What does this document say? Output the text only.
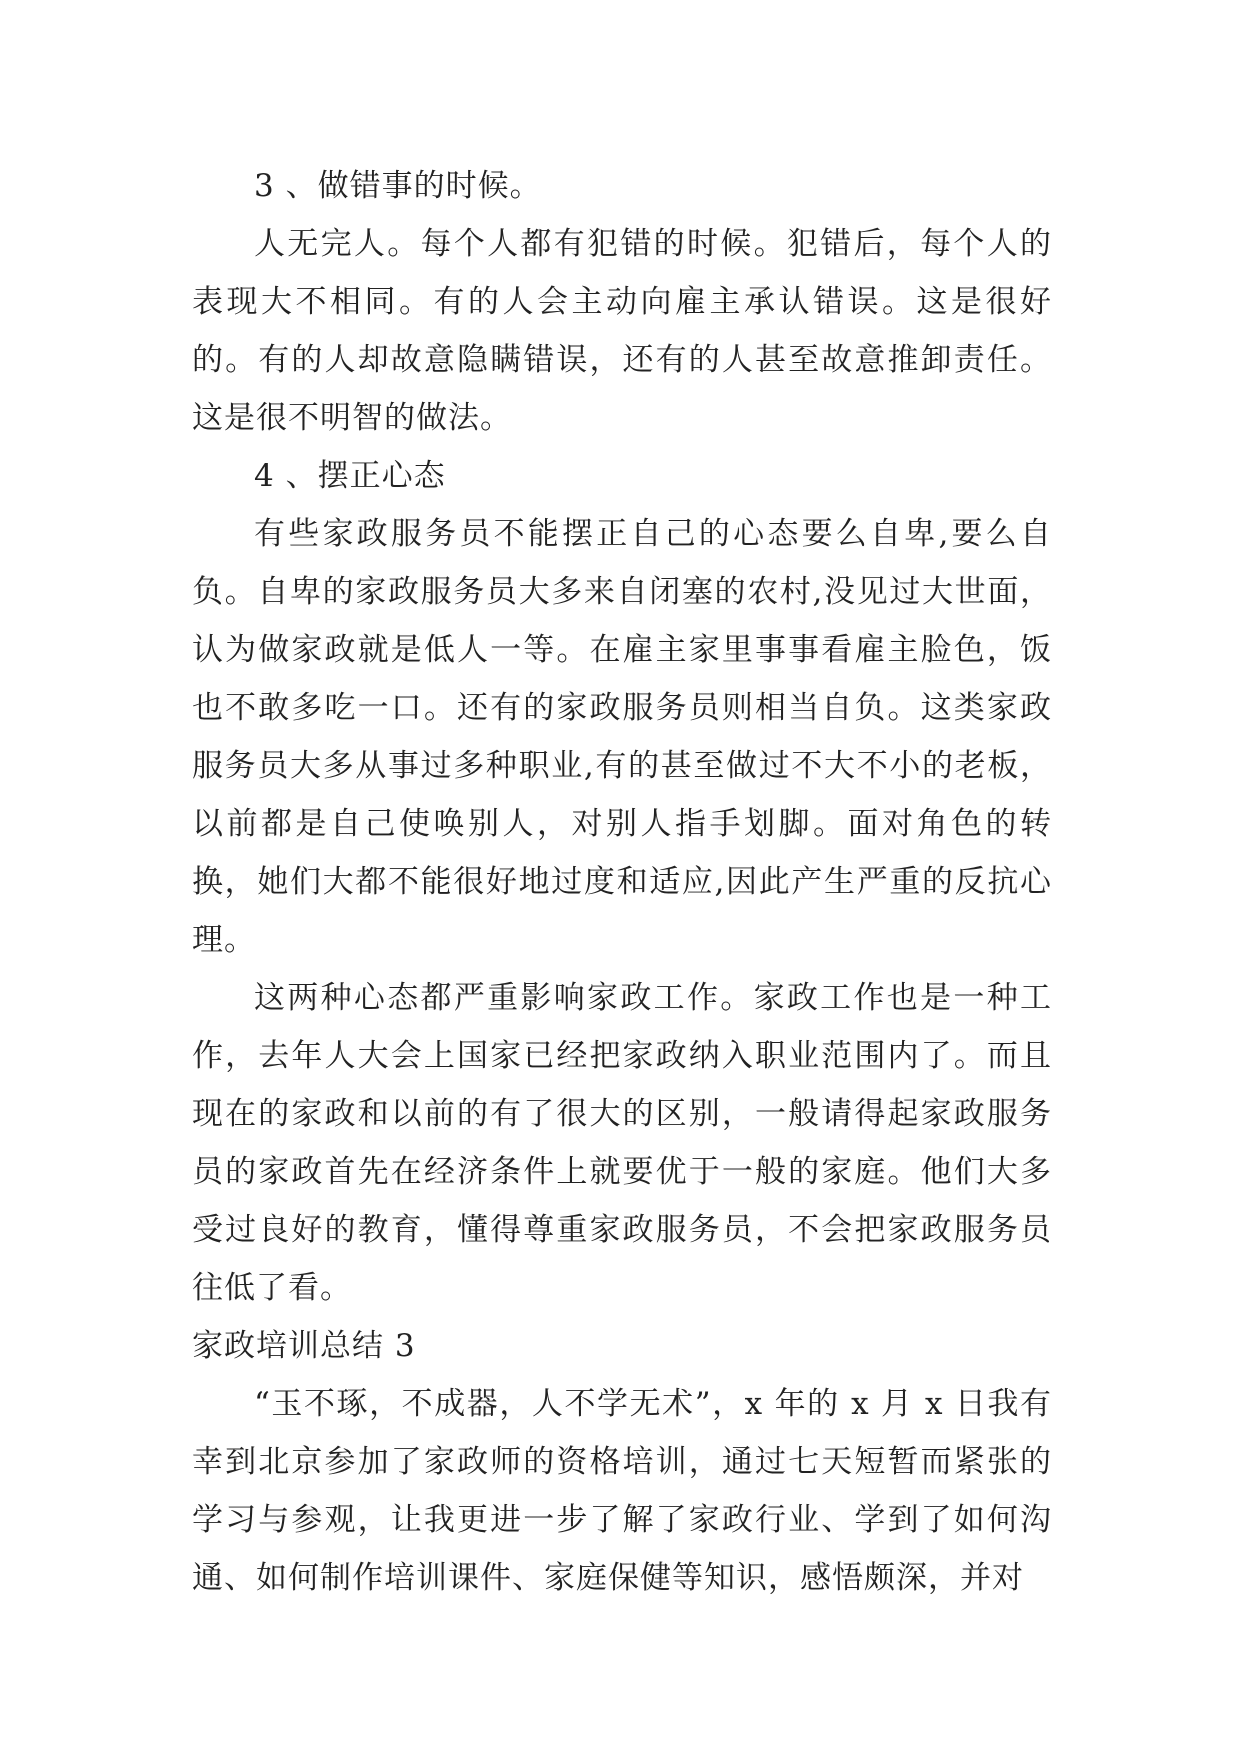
3 、做错事的时候。

人无完人。每个人都有犯错的时候。犯错后，每个人的表现大不相同。有的人会主动向雇主承认错误。这是很好的。有的人却故意隐瞒错误，还有的人甚至故意推卸责任。这是很不明智的做法。

4 、摆正心态

有些家政服务员不能摆正自己的心态要么自卑,要么自负。自卑的家政服务员大多来自闭塞的农村,没见过大世面，认为做家政就是低人一等。在雇主家里事事看雇主脸色，饭也不敢多吃一口。还有的家政服务员则相当自负。这类家政服务员大多从事过多种职业,有的甚至做过不大不小的老板，以前都是自己使唤别人，对别人指手划脚。面对角色的转换，她们大都不能很好地过度和适应,因此产生严重的反抗心理。

这两种心态都严重影响家政工作。家政工作也是一种工作，去年人大会上国家已经把家政纳入职业范围内了。而且现在的家政和以前的有了很大的区别，一般请得起家政服务员的家政首先在经济条件上就要优于一般的家庭。他们大多受过良好的教育，懂得尊重家政服务员，不会把家政服务员往低了看。

家政培训总结 3

“玉不琢，不成器，人不学无术”，x 年的 x 月 x 日我有幸到北京参加了家政师的资格培训，通过七天短暂而紧张的学习与参观，让我更进一步了解了家政行业、学到了如何沟通、如何制作培训课件、家庭保健等知识，感悟颇深，并对
